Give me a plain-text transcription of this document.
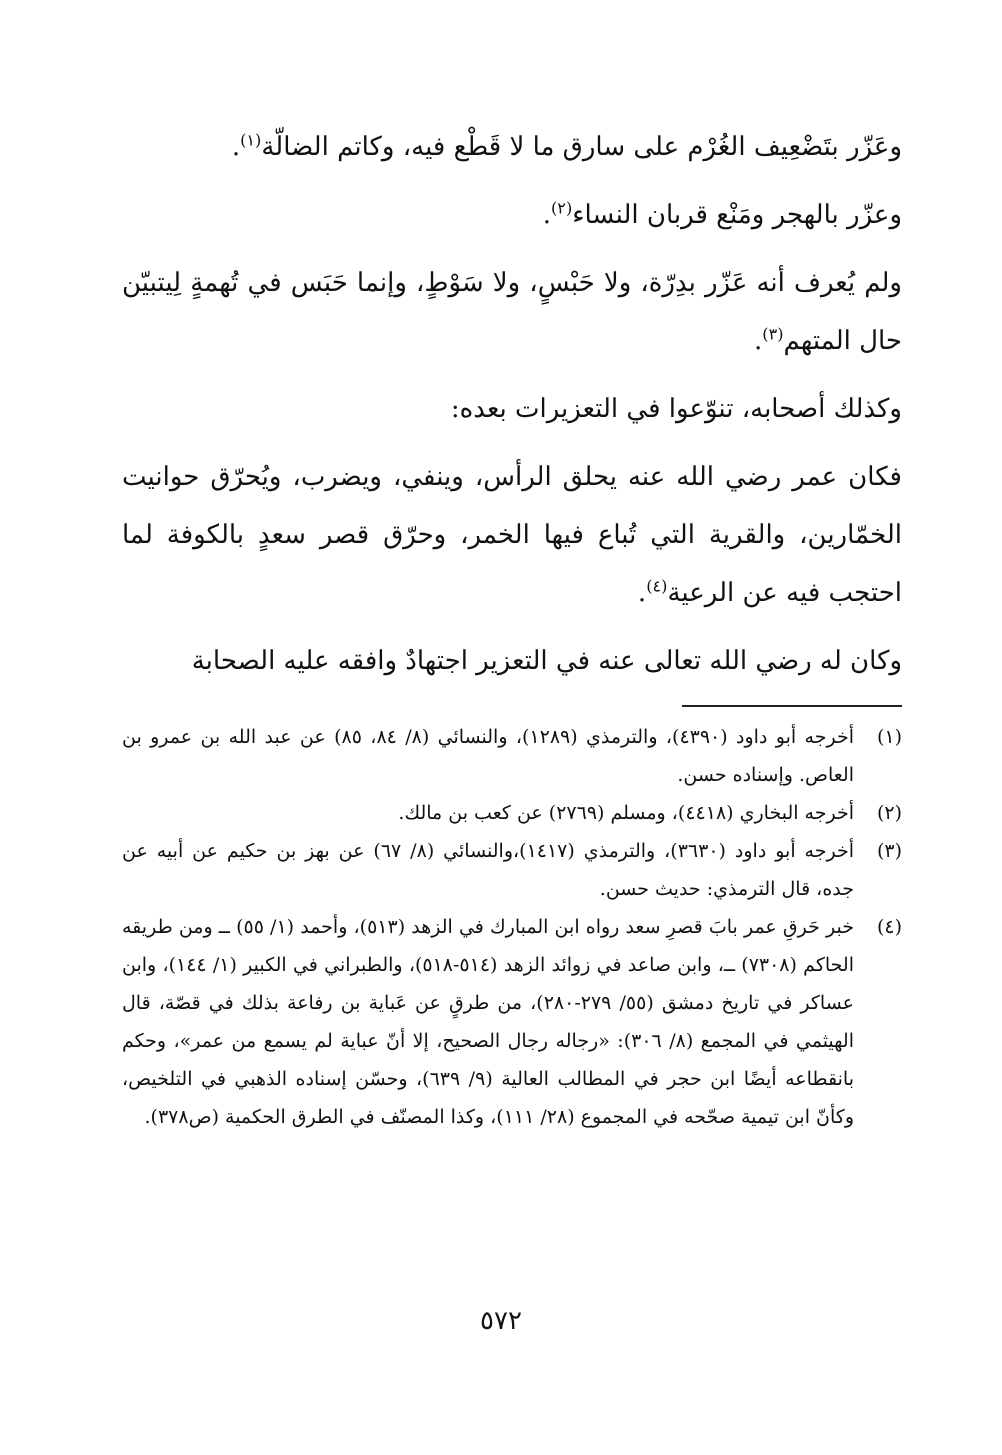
وعَزّر بتَضْعِيف الغُرْم على سارق ما لا قَطْع فيه، وكاتم الضالّة$^{(١)}$.

وعزّر بالهجر ومَنْع قربان النساء$^{(٢)}$.

ولم يُعرف أنه عَزّر بدِرّة، ولا حَبْسٍ، ولا سَوْطٍ، وإنما حَبَس في تُهمةٍ لِيتبيّن حال المتهم$^{(٣)}$.

وكذلك أصحابه، تنوّعوا في التعزيرات بعده:

فكان عمر رضي الله عنه يحلق الرأس، وينفي، ويضرب، ويُحرّق حوانيت الخمّارين، والقرية التي تُباع فيها الخمر، وحرّق قصر سعدٍ بالكوفة لما احتجب فيه عن الرعية$^{(٤)}$.

وكان له رضي الله تعالى عنه في التعزير اجتهادٌ وافقه عليه الصحابة

(١)
أخرجه أبو داود (٤٣٩٠)، والترمذي (١٢٨٩)، والنسائي (٨/ ٨٤، ٨٥) عن عبد الله بن عمرو بن العاص. وإسناده حسن.
(٢)
أخرجه البخاري (٤٤١٨)، ومسلم (٢٧٦٩) عن كعب بن مالك.
(٣)
أخرجه أبو داود (٣٦٣٠)، والترمذي (١٤١٧)،والنسائي (٨/ ٦٧) عن بهز بن حكيم عن أبيه عن جده، قال الترمذي: حديث حسن.
(٤)
خبر حَرقِ عمر بابَ قصرِ سعد رواه ابن المبارك في الزهد (٥١٣)، وأحمد (١/ ٥٥) ــ ومن طريقه الحاكم (٧٣٠٨) ــ، وابن صاعد في زوائد الزهد (٥١٤-٥١٨)، والطبراني في الكبير (١/ ١٤٤)، وابن عساكر في تاريخ دمشق (٥٥/ ٢٧٩-٢٨٠)، من طرقٍ عن عَباية بن رفاعة بذلك في قصّة، قال الهيثمي في المجمع (٨/ ٣٠٦): «رجاله رجال الصحيح، إلا أنّ عباية لم يسمع من عمر»، وحكم بانقطاعه أيضًا ابن حجر في المطالب العالية (٩/ ٦٣٩)، وحسّن إسناده الذهبي في التلخيص، وكأنّ ابن تيمية صحّحه في المجموع (٢٨/ ١١١)، وكذا المصنّف في الطرق الحكمية (ص٣٧٨).
٥٧٢
